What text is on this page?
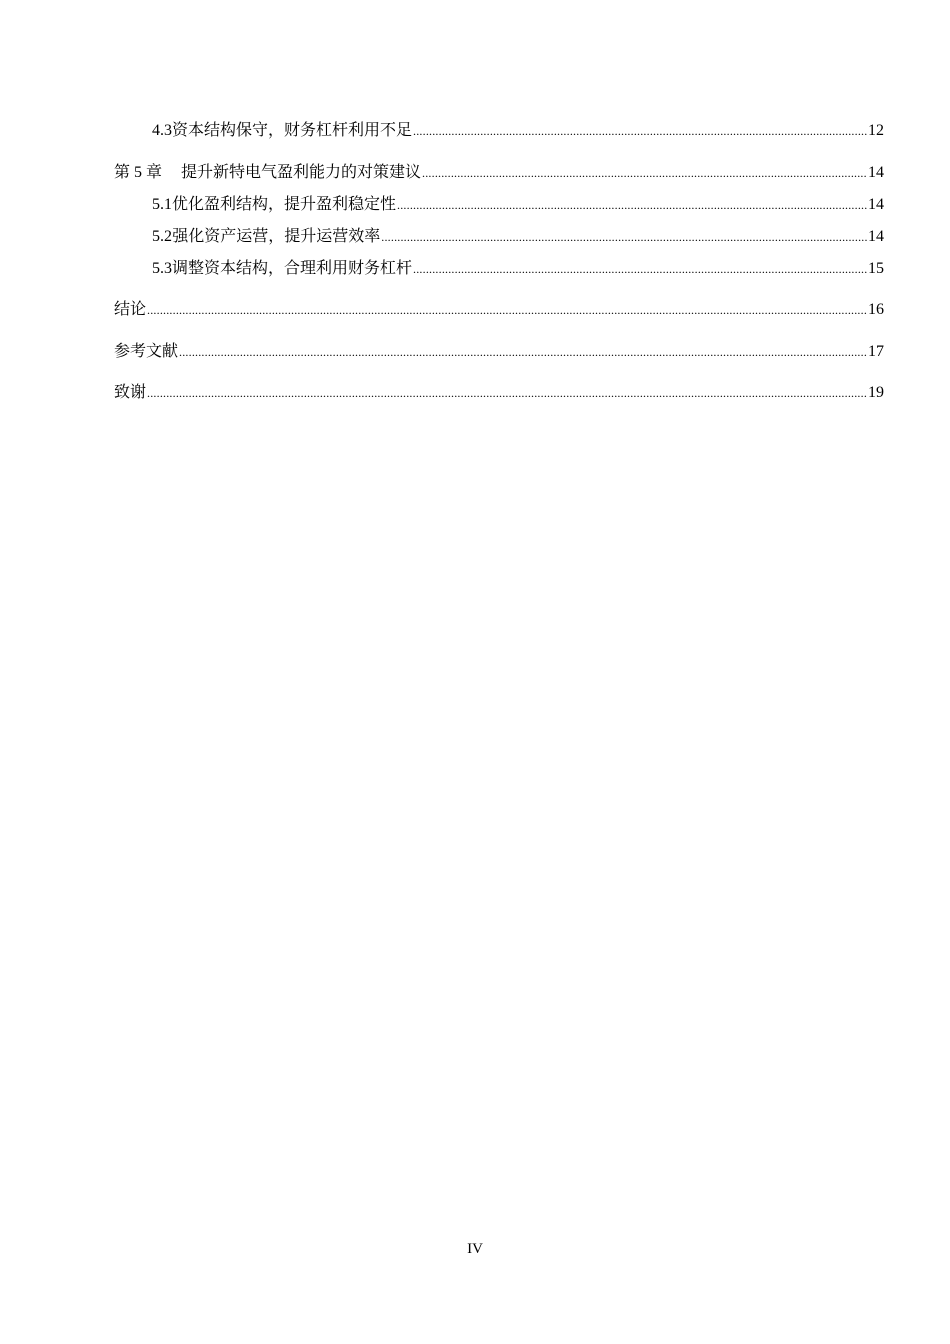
4.3 资本结构保守，财务杠杆利用不足 .....	12
第 5 章 提升新特电气盈利能力的对策建议 .....	14
5.1 优化盈利结构，提升盈利稳定性 .....	14
5.2 强化资产运营，提升运营效率 .....	14
5.3 调整资本结构，合理利用财务杠杆 .....	15
结论 .....	16
参考文献 .....	17
致谢 .....	19
IV
